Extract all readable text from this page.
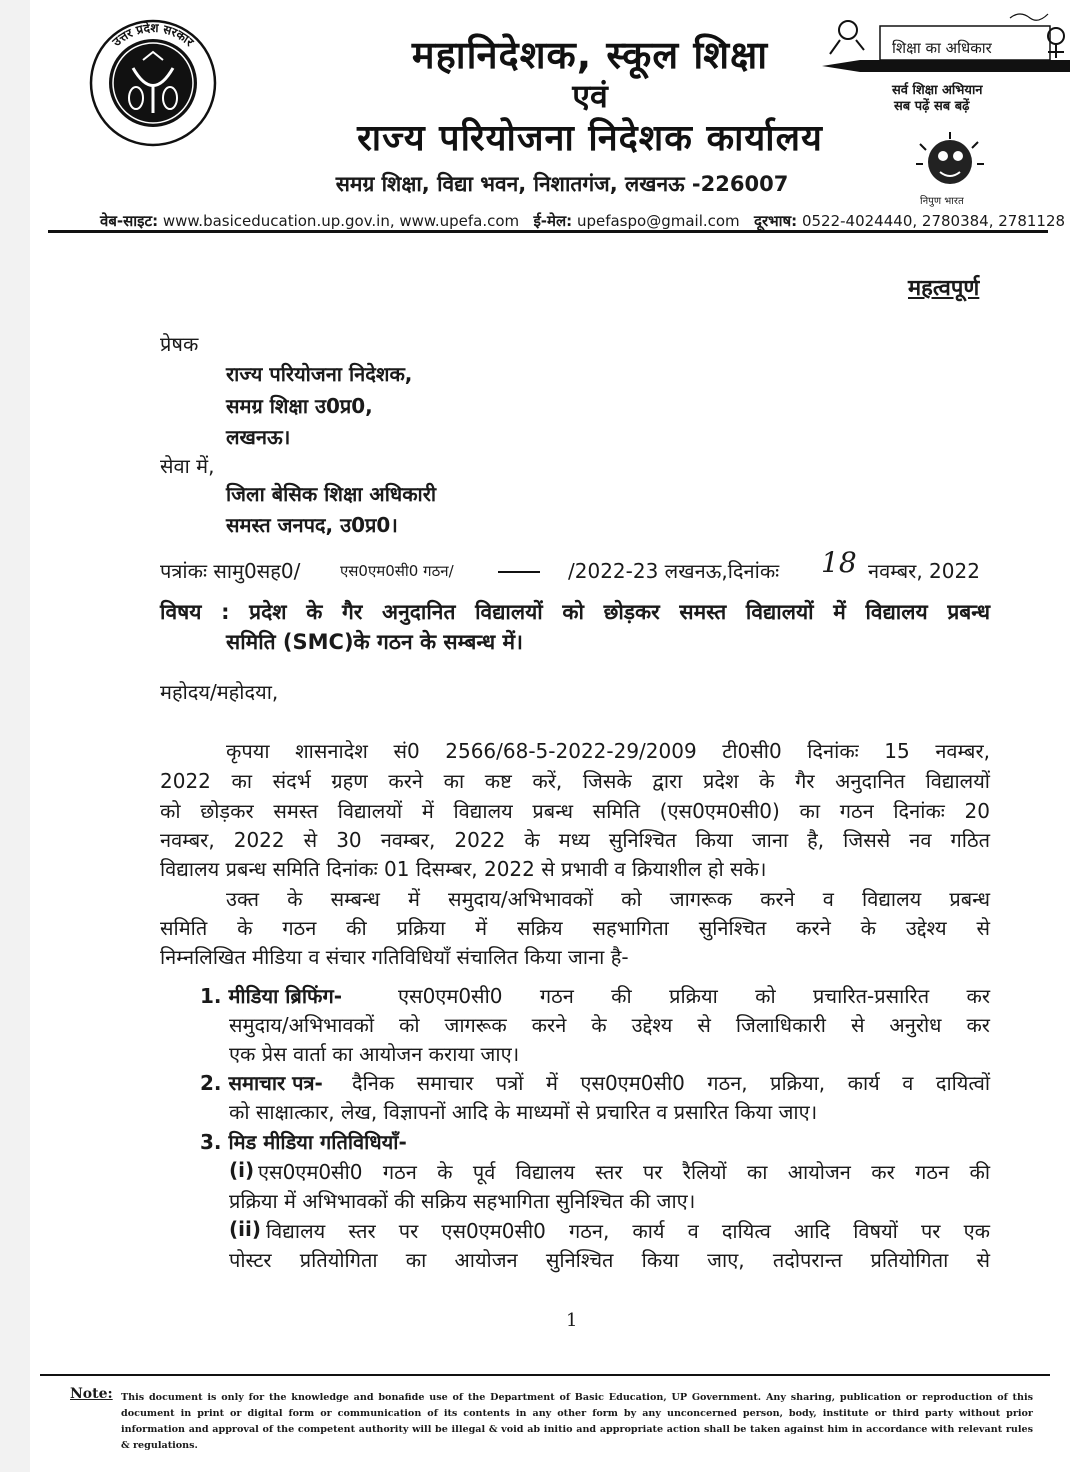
उत्तर प्रदेश सरकार	महानिदेशक, स्कूल शिक्षा
एवं
राज्य परियोजना निदेशक कार्यालय
समग्र शिक्षा, विद्या भवन, निशातगंज, लखनऊ -226007
शिक्षा का अधिकार
सर्व शिक्षा अभियान
सब पढ़ें सब बढ़ें
निपुण भारत
वेब-साइट: www.basiceducation.up.gov.in, www.upefa.com ई-मेल: upefaspo@gmail.com दूरभाष: 0522-4024440, 2780384, 2781128
महत्वपूर्ण
प्रेषक
राज्य परियोजना निदेशक,
समग्र शिक्षा उ0प्र0,
लखनऊ।
सेवा में,
जिला बेसिक शिक्षा अधिकारी
समस्त जनपद, उ0प्र0।
पत्रांकः सामु0सह0/	एस0एम0सी0 गठन/	/2022-23 लखनऊ,दिनांकः 18 नवम्बर, 2022
विषय : प्रदेश के गैर अनुदानित विद्यालयों को छोड़कर समस्त विद्यालयों में विद्यालय प्रबन्ध
समिति (SMC)के गठन के सम्बन्ध में।
महोदय/महोदया,
कृपया शासनादेश सं0 2566/68-5-2022-29/2009 टी0सी0 दिनांकः 15 नवम्बर,
2022 का संदर्भ ग्रहण करने का कष्ट करें, जिसके द्वारा प्रदेश के गैर अनुदानित विद्यालयों
को छोड़कर समस्त विद्यालयों में विद्यालय प्रबन्ध समिति (एस0एम0सी0) का गठन दिनांकः 20
नवम्बर, 2022 से 30 नवम्बर, 2022 के मध्य सुनिश्चित किया जाना है, जिससे नव गठित
विद्यालय प्रबन्ध समिति दिनांकः 01 दिसम्बर, 2022 से प्रभावी व क्रियाशील हो सके।
उक्त के सम्बन्ध में समुदाय/अभिभावकों को जागरूक करने व विद्यालय प्रबन्ध
समिति के गठन की प्रक्रिया में सक्रिय सहभागिता सुनिश्चित करने के उद्देश्य से
निम्नलिखित मीडिया व संचार गतिविधियाँ संचालित किया जाना है-
1. मीडिया ब्रिफिंग-	एस0एम0सी0 गठन की प्रक्रिया को प्रचारित-प्रसारित कर
समुदाय/अभिभावकों को जागरूक करने के उद्देश्य से जिलाधिकारी से अनुरोध कर
एक प्रेस वार्ता का आयोजन कराया जाए।
2. समाचार पत्र- दैनिक समाचार पत्रों में एस0एम0सी0 गठन, प्रक्रिया, कार्य व दायित्वों
को साक्षात्कार, लेख, विज्ञापनों आदि के माध्यमों से प्रचारित व प्रसारित किया जाए।
3. मिड मीडिया गतिविधियाँ-
(i) एस0एम0सी0 गठन के पूर्व विद्यालय स्तर पर रैलियों का आयोजन कर गठन की
प्रक्रिया में अभिभावकों की सक्रिय सहभागिता सुनिश्चित की जाए।
(ii) विद्यालय स्तर पर एस0एम0सी0 गठन, कार्य व दायित्व आदि विषयों पर एक
पोस्टर प्रतियोगिता का आयोजन सुनिश्चित किया जाए, तदोपरान्त प्रतियोगिता से
1
Note: This document is only for the knowledge and bonafide use of the Department of Basic Education, UP Government. Any sharing, publication or reproduction of this document in print or digital form or communication of its contents in any other form by any unconcerned person, body, institute or third party without prior information and approval of the competent authority will be illegal & void ab initio and appropriate action shall be taken against him in accordance with relevant rules & regulations.
